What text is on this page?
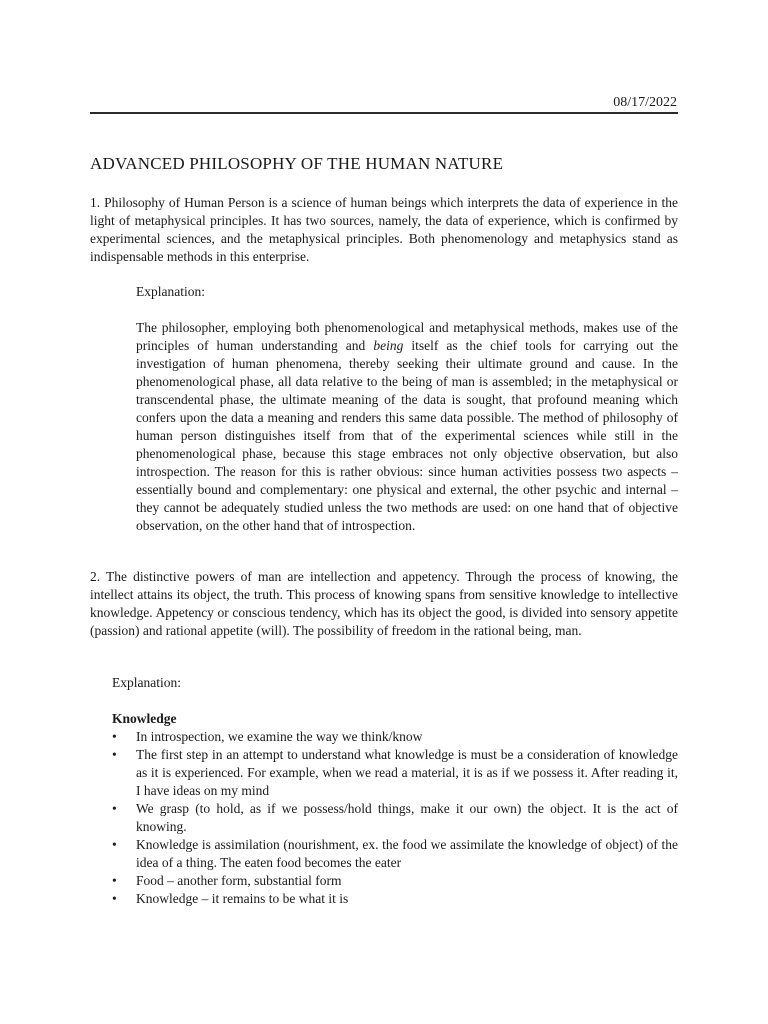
08/17/2022
ADVANCED PHILOSOPHY OF THE HUMAN NATURE

1. Philosophy of Human Person is a science of human beings which interprets the data of experience in the light of metaphysical principles. It has two sources, namely, the data of experience, which is confirmed by experimental sciences, and the metaphysical principles. Both phenomenology and metaphysics stand as indispensable methods in this enterprise.

Explanation:

The philosopher, employing both phenomenological and metaphysical methods, makes use of the principles of human understanding and being itself as the chief tools for carrying out the investigation of human phenomena, thereby seeking their ultimate ground and cause. In the phenomenological phase, all data relative to the being of man is assembled; in the metaphysical or transcendental phase, the ultimate meaning of the data is sought, that profound meaning which confers upon the data a meaning and renders this same data possible. The method of philosophy of human person distinguishes itself from that of the experimental sciences while still in the phenomenological phase, because this stage embraces not only objective observation, but also introspection. The reason for this is rather obvious: since human activities possess two aspects – essentially bound and complementary: one physical and external, the other psychic and internal – they cannot be adequately studied unless the two methods are used: on one hand that of objective observation, on the other hand that of introspection.

2. The distinctive powers of man are intellection and appetency. Through the process of knowing, the intellect attains its object, the truth. This process of knowing spans from sensitive knowledge to intellective knowledge. Appetency or conscious tendency, which has its object the good, is divided into sensory appetite (passion) and rational appetite (will). The possibility of freedom in the rational being, man.

Explanation:

Knowledge

• In introspection, we examine the way we think/know
• The first step in an attempt to understand what knowledge is must be a consideration of knowledge as it is experienced. For example, when we read a material, it is as if we possess it. After reading it, I have ideas on my mind
• We grasp (to hold, as if we possess/hold things, make it our own) the object. It is the act of knowing.
• Knowledge is assimilation (nourishment, ex. the food we assimilate the knowledge of object) of the idea of a thing. The eaten food becomes the eater
• Food – another form, substantial form
• Knowledge – it remains to be what it is
